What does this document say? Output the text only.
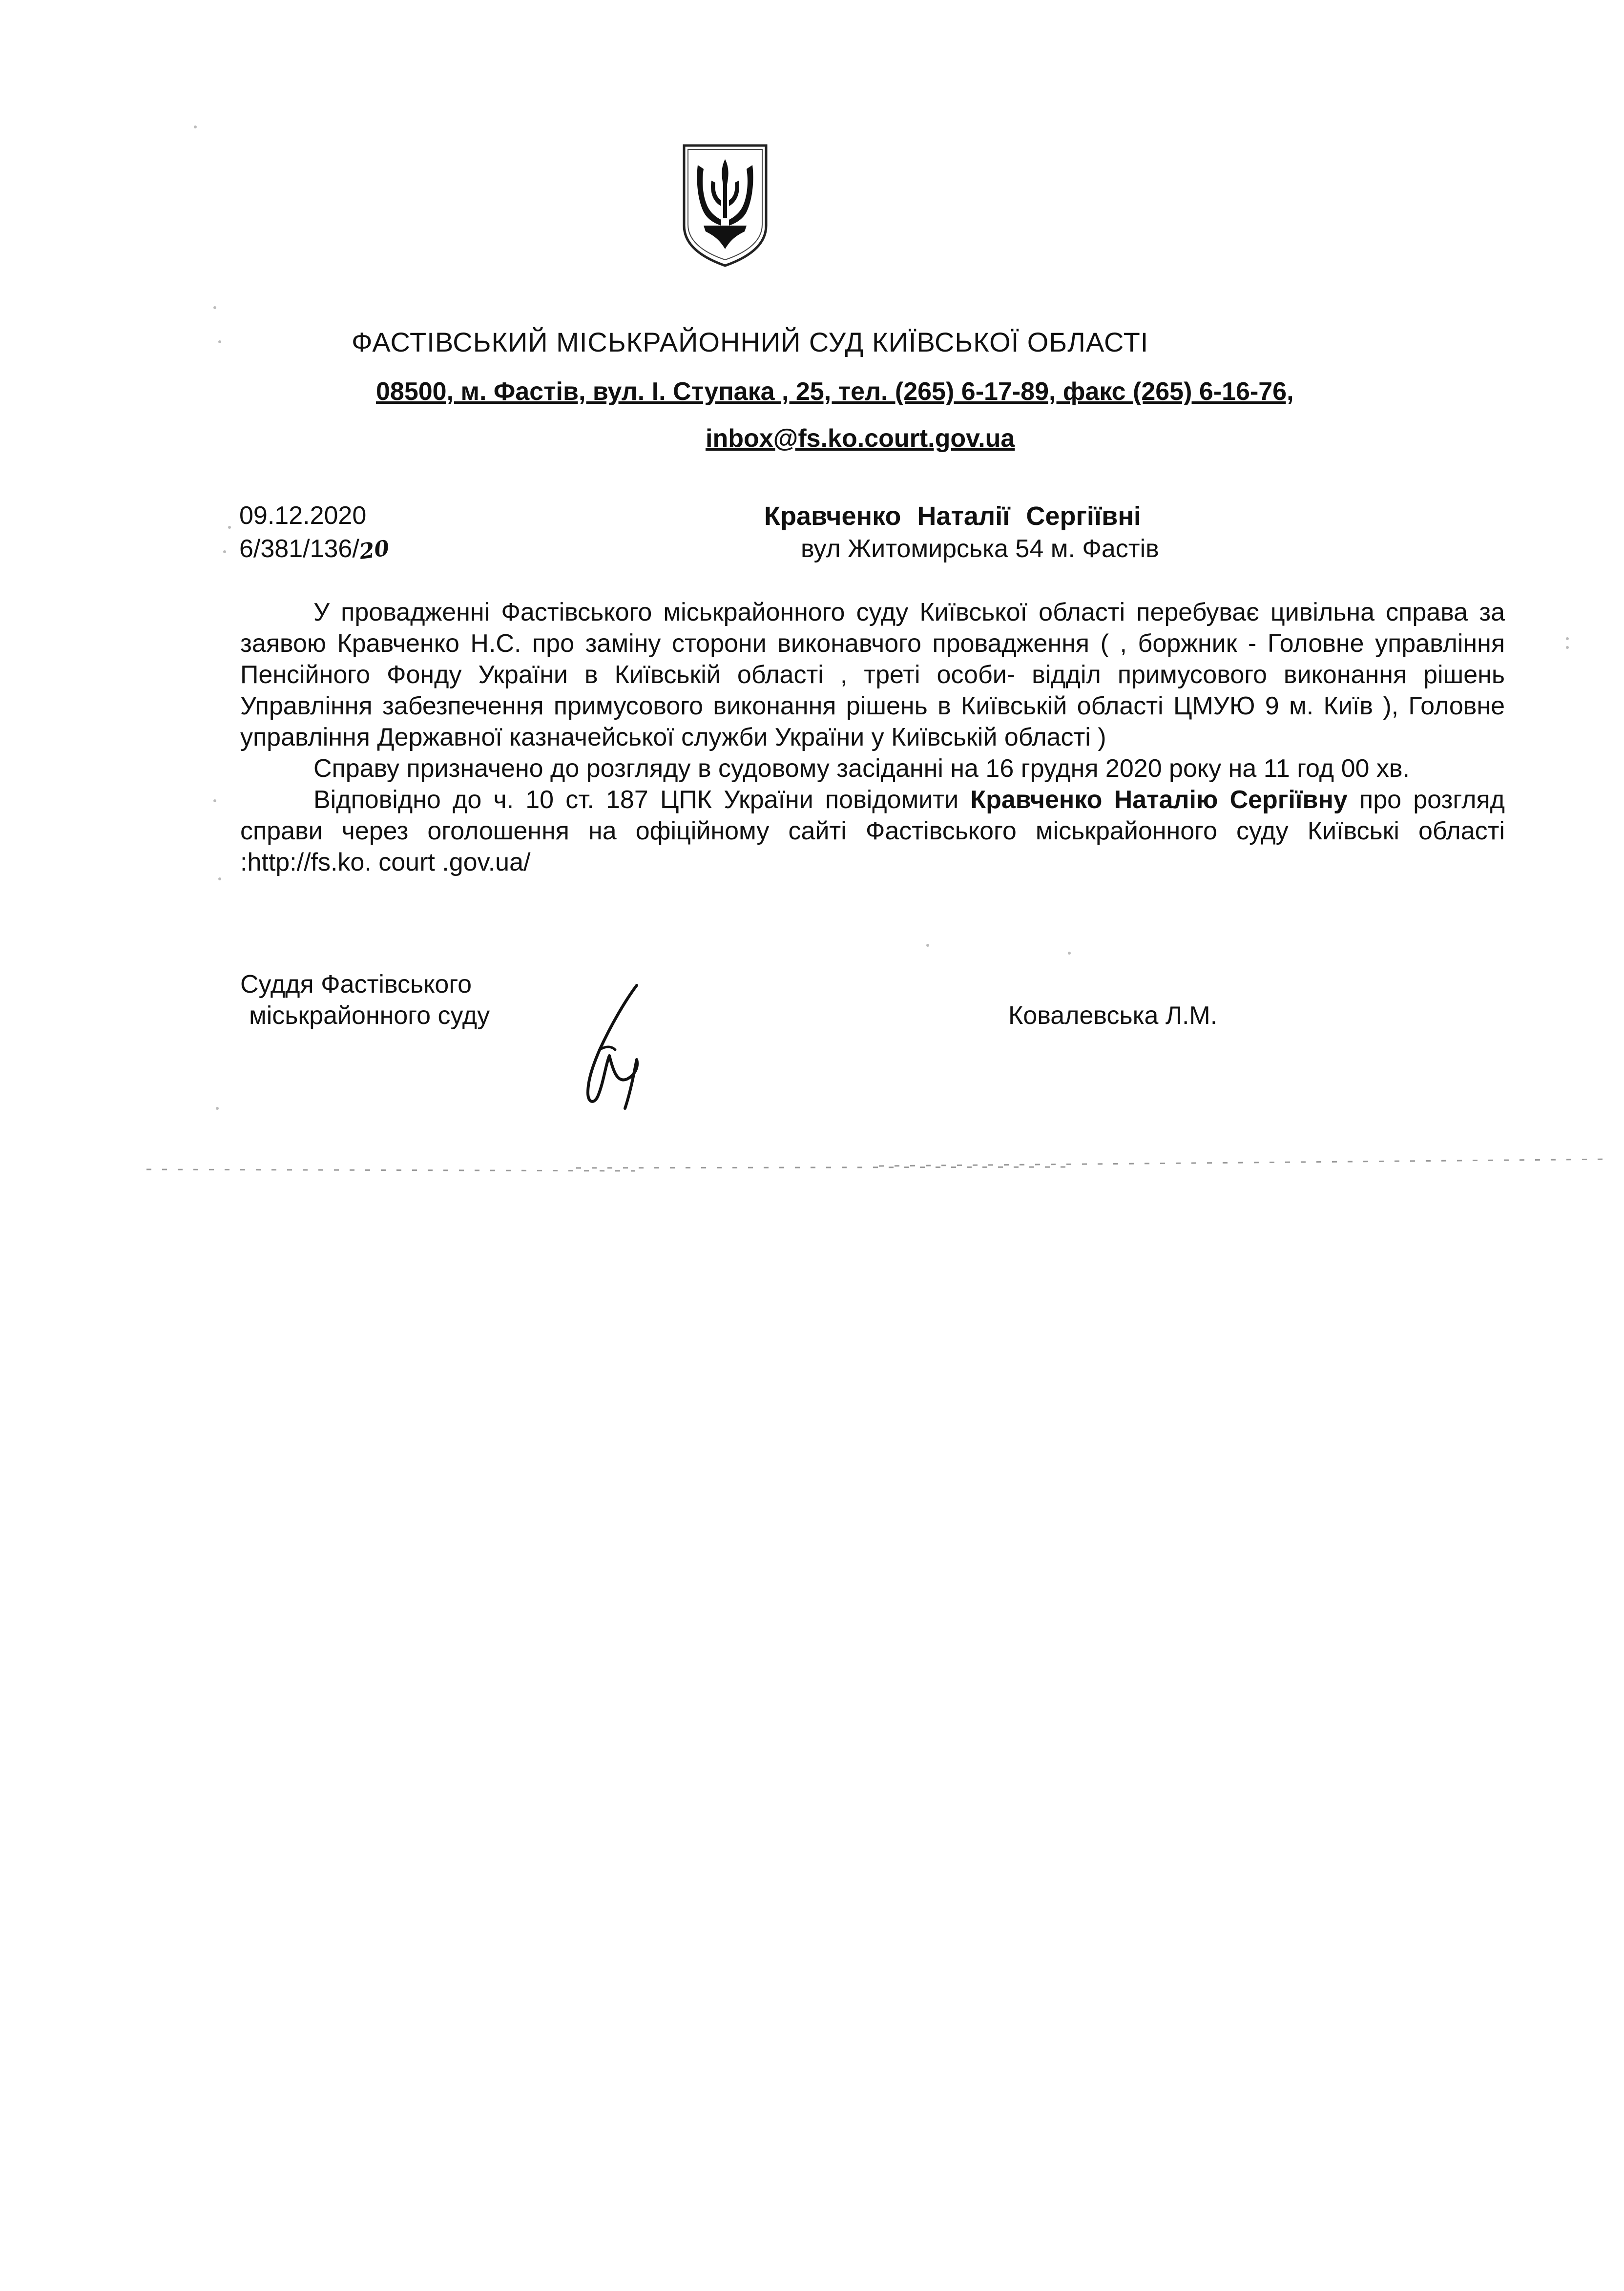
ФАСТІВСЬКИЙ МІСЬКРАЙОННИЙ СУД КИЇВСЬКОЇ ОБЛАСТІ
08500, м. Фастів, вул. І. Ступака , 25, тел. (265) 6-17-89, факс (265) 6-16-76,
inbox@fs.ko.court.gov.ua
09.12.2020
6/381/136/20
Кравченко Наталії Сергіївні
вул Житомирська 54 м. Фастів

У провадженні Фастівського міськрайонного суду Київської області перебуває цивільна справа за заявою Кравченко Н.С. про заміну сторони виконавчого провадження ( , боржник - Головне управління Пенсійного Фонду України в Київській області , треті особи- відділ примусового виконання рішень Управління забезпечення примусового виконання рішень в Київській області ЦМУЮ 9 м. Київ ), Головне управління Державної казначейської служби України у Київській області )

Справу призначено до розгляду в судовому засіданні на 16 грудня 2020 року на 11 год 00 хв.

Відповідно до ч. 10 ст. 187 ЦПК України повідомити Кравченко Наталію Сергіївну про розгляд справи через оголошення на офіційному сайті Фастівського міськрайонного суду Київські області :http://fs.ko. court .gov.ua/

Суддя Фастівського
міськрайонного суду	Ковалевська Л.М.
